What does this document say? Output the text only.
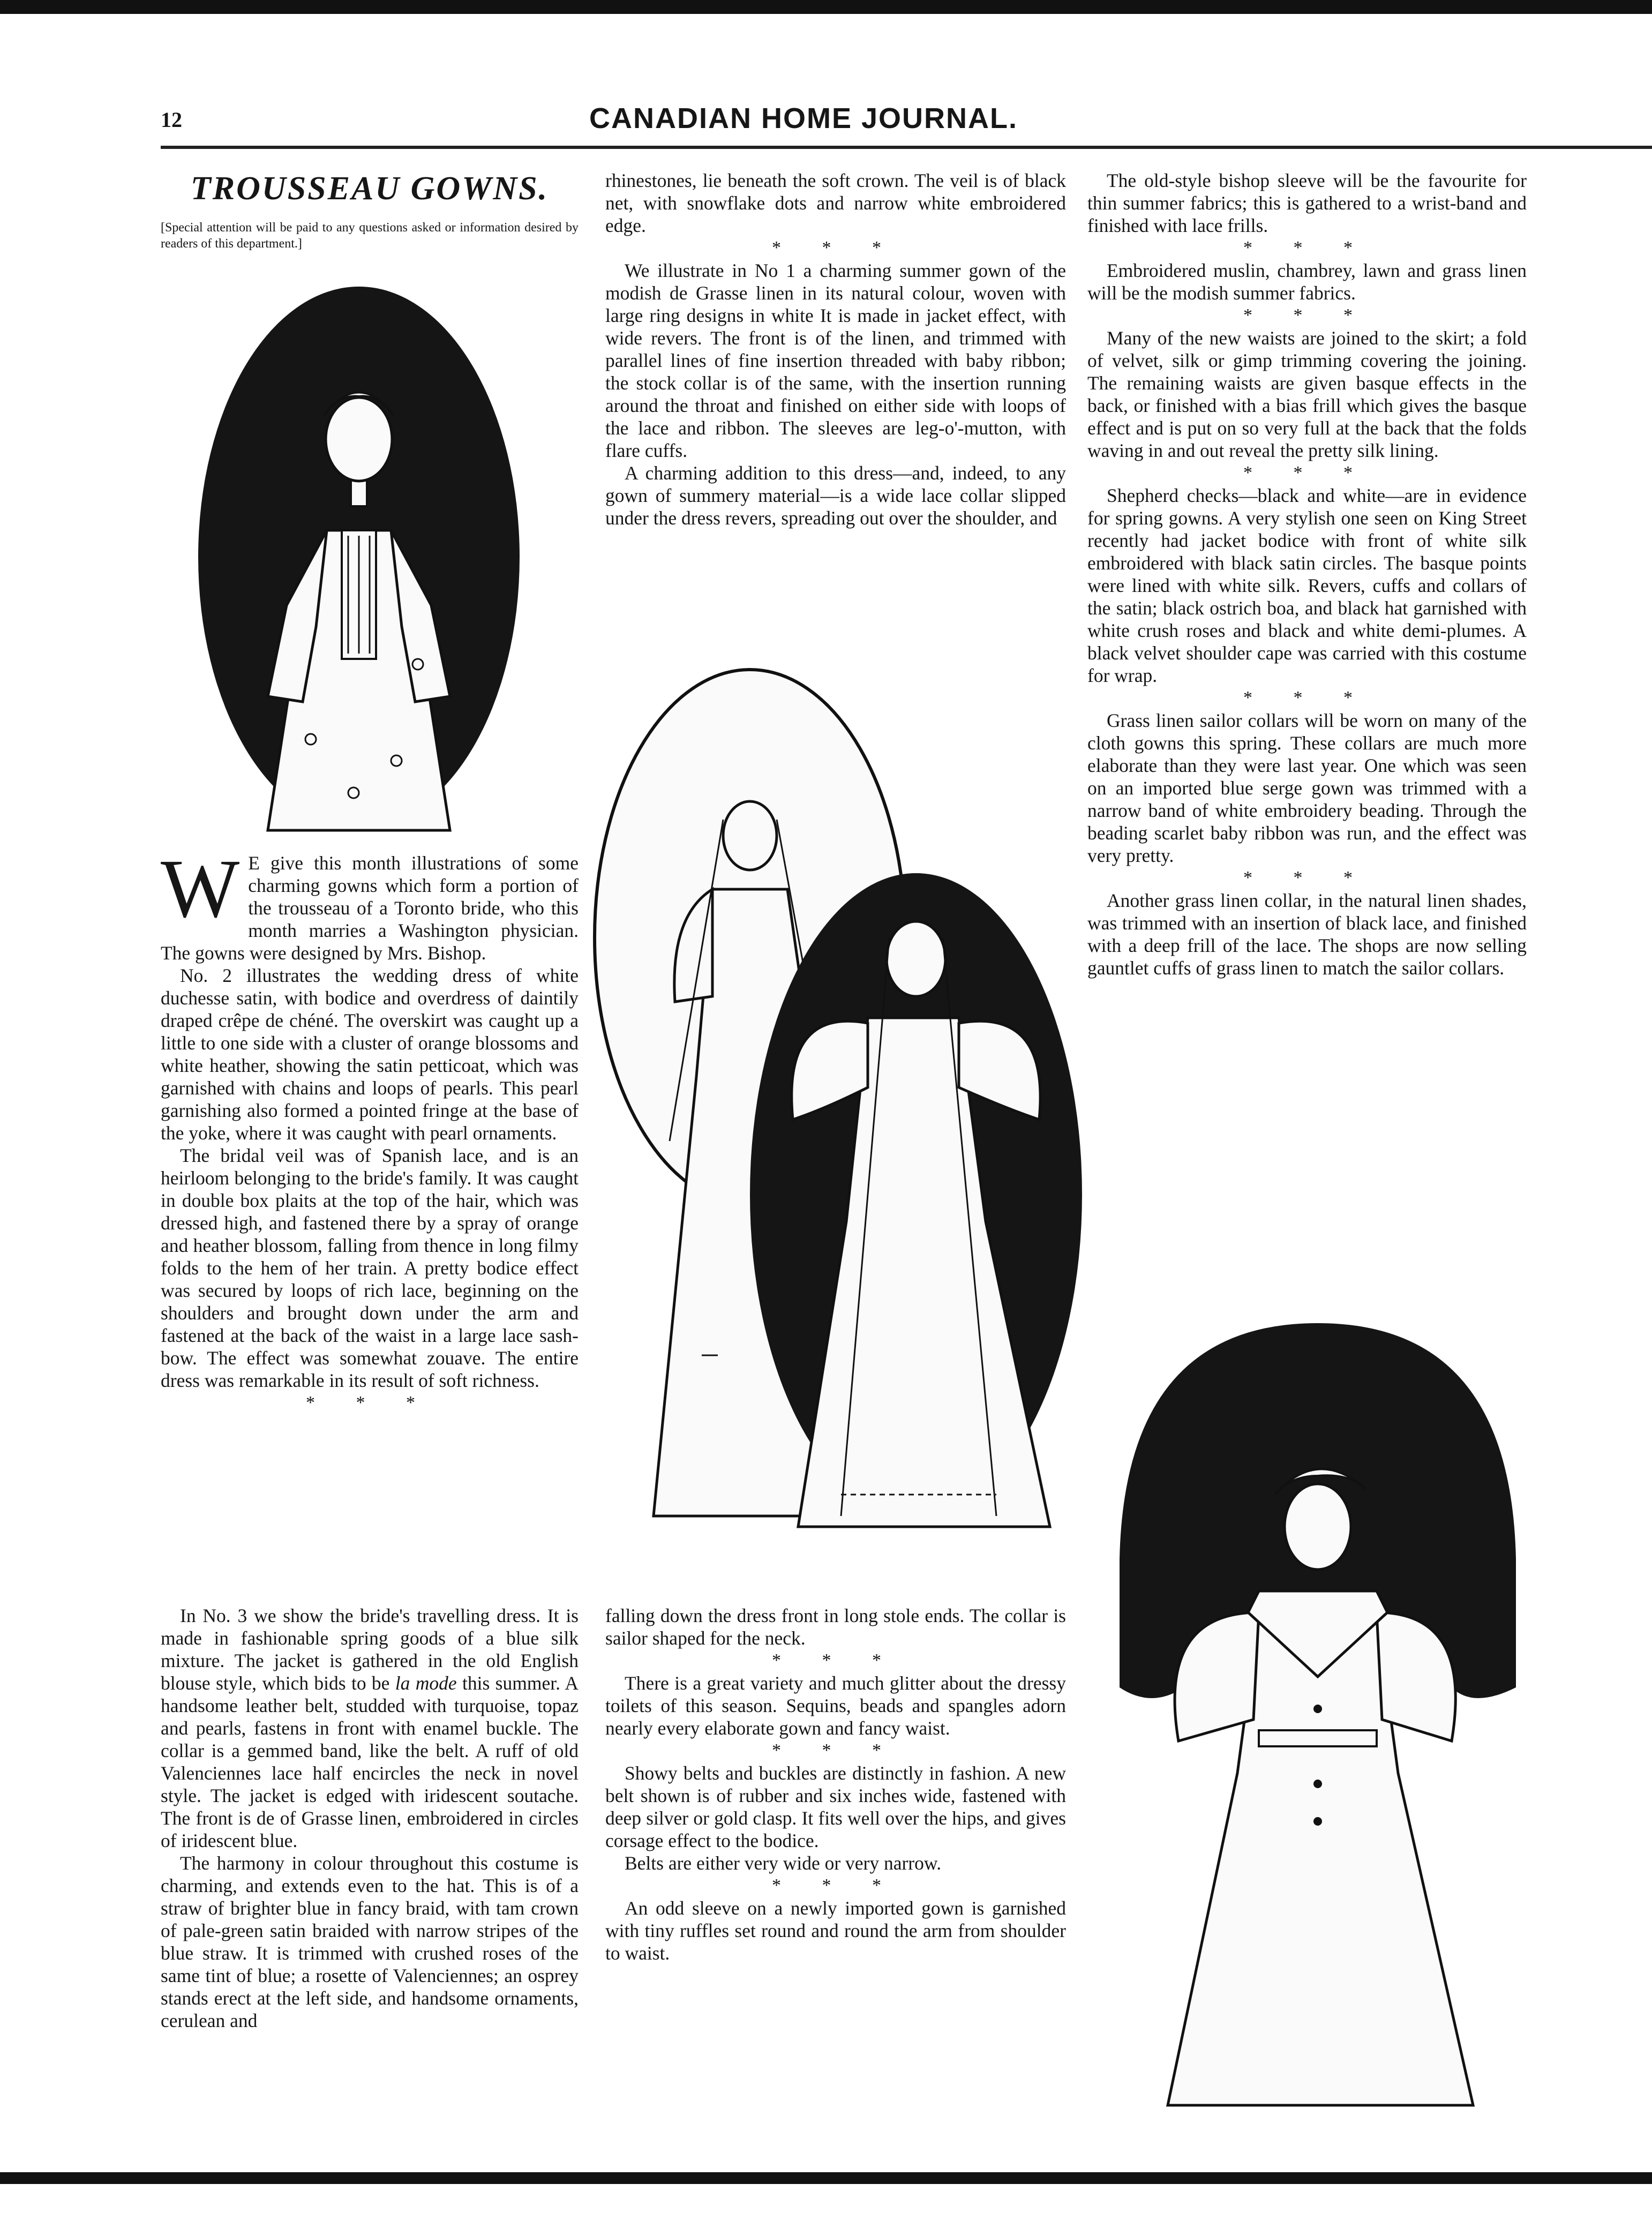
12	CANADIAN HOME JOURNAL.
TROUSSEAU GOWNS.
[Special attention will be paid to any questions asked or information desired by readers of this department.]

W E give this month illustrations of some charming gowns which form a portion of the trousseau of a Toronto bride, who this month marries a Washington physician. The gowns were designed by Mrs. Bishop.

No. 2 illustrates the wedding dress of white duchesse satin, with bodice and overdress of daintily draped crêpe de chéné. The overskirt was caught up a little to one side with a cluster of orange blossoms and white heather, showing the satin petticoat, which was garnished with chains and loops of pearls. This pearl garnishing also formed a pointed fringe at the base of the yoke, where it was caught with pearl ornaments.

The bridal veil was of Spanish lace, and is an heirloom belonging to the bride's family. It was caught in double box plaits at the top of the hair, which was dressed high, and fastened there by a spray of orange and heather blossom, falling from thence in long filmy folds to the hem of her train. A pretty bodice effect was secured by loops of rich lace, beginning on the shoulders and brought down under the arm and fastened at the back of the waist in a large lace sash-bow. The effect was somewhat zouave. The entire dress was remarkable in its result of soft richness.

* * *

In No. 3 we show the bride's travelling dress. It is made in fashionable spring goods of a blue silk mixture. The jacket is gathered in the old English blouse style, which bids to be la mode this summer. A handsome leather belt, studded with turquoise, topaz and pearls, fastens in front with enamel buckle. The collar is a gemmed band, like the belt. A ruff of old Valenciennes lace half encircles the neck in novel style. The jacket is edged with iridescent soutache. The front is de of Grasse linen, embroidered in circles of iridescent blue.

The harmony in colour throughout this costume is charming, and extends even to the hat. This is of a straw of brighter blue in fancy braid, with tam crown of pale-green satin braided with narrow stripes of the blue straw. It is trimmed with crushed roses of the same tint of blue; a rosette of Valenciennes; an osprey stands erect at the left side, and handsome ornaments, cerulean and

rhinestones, lie beneath the soft crown. The veil is of black net, with snowflake dots and narrow white embroidered edge.

* * *

We illustrate in No 1 a charming summer gown of the modish de Grasse linen in its natural colour, woven with large ring designs in white It is made in jacket effect, with wide revers. The front is of the linen, and trimmed with parallel lines of fine insertion threaded with baby ribbon; the stock collar is of the same, with the insertion running around the throat and finished on either side with loops of the lace and ribbon. The sleeves are leg-o'-mutton, with flare cuffs.

A charming addition to this dress—and, indeed, to any gown of summery material—is a wide lace collar slipped under the dress revers, spreading out over the shoulder, and

falling down the dress front in long stole ends. The collar is sailor shaped for the neck.

* * *

There is a great variety and much glitter about the dressy toilets of this season. Sequins, beads and spangles adorn nearly every elaborate gown and fancy waist.

* * *

Showy belts and buckles are distinctly in fashion. A new belt shown is of rubber and six inches wide, fastened with deep silver or gold clasp. It fits well over the hips, and gives corsage effect to the bodice.

Belts are either very wide or very narrow.

* * *

An odd sleeve on a newly imported gown is garnished with tiny ruffles set round and round the arm from shoulder to waist.

The old-style bishop sleeve will be the favourite for thin summer fabrics; this is gathered to a wrist-band and finished with lace frills.

* * *

Embroidered muslin, chambrey, lawn and grass linen will be the modish summer fabrics.

* * *

Many of the new waists are joined to the skirt; a fold of velvet, silk or gimp trimming covering the joining. The remaining waists are given basque effects in the back, or finished with a bias frill which gives the basque effect and is put on so very full at the back that the folds waving in and out reveal the pretty silk lining.

* * *

Shepherd checks—black and white—are in evidence for spring gowns. A very stylish one seen on King Street recently had jacket bodice with front of white silk embroidered with black satin circles. The basque points were lined with white silk. Revers, cuffs and collars of the satin; black ostrich boa, and black hat garnished with white crush roses and black and white demi-plumes. A black velvet shoulder cape was carried with this costume for wrap.

* * *

Grass linen sailor collars will be worn on many of the cloth gowns this spring. These collars are much more elaborate than they were last year. One which was seen on an imported blue serge gown was trimmed with a narrow band of white embroidery beading. Through the beading scarlet baby ribbon was run, and the effect was very pretty.

* * *

Another grass linen collar, in the natural linen shades, was trimmed with an insertion of black lace, and finished with a deep frill of the lace. The shops are now selling gauntlet cuffs of grass linen to match the sailor collars.
